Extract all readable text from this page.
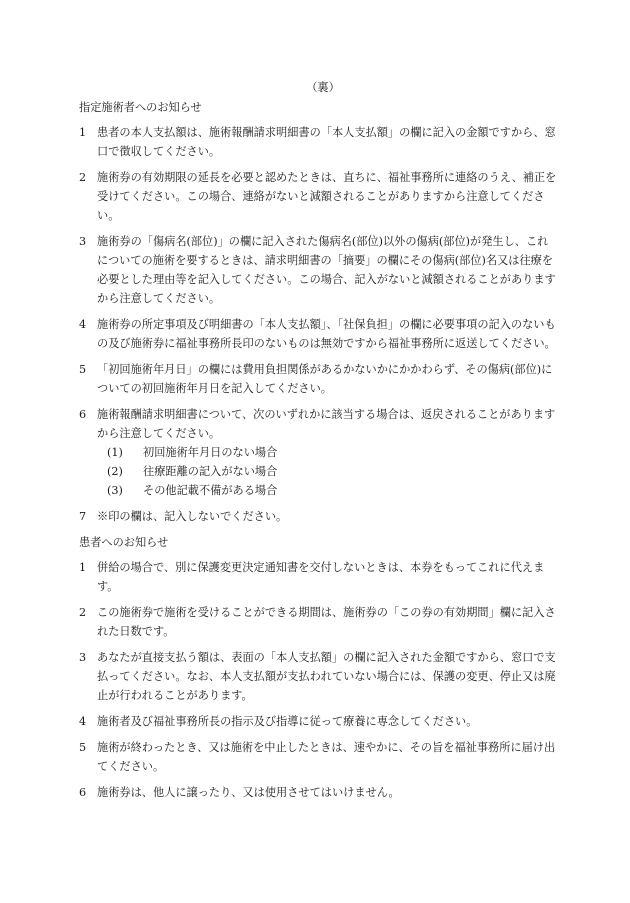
（裏）
指定施術者へのお知らせ
1 患者の本人支払額は、施術報酬請求明細書の「本人支払額」の欄に記入の金額ですから、窓口で徴収してください。
2 施術券の有効期限の延長を必要と認めたときは、直ちに、福祉事務所に連絡のうえ、補正を受けてください。この場合、連絡がないと減額されることがありますから注意してください。
3 施術券の「傷病名(部位)」の欄に記入された傷病名(部位)以外の傷病(部位)が発生し、これについての施術を要するときは、請求明細書の「摘要」の欄にその傷病(部位)名又は往療を必要とした理由等を記入してください。この場合、記入がないと減額されることがありますから注意してください。
4 施術券の所定事項及び明細書の「本人支払額」、「社保負担」の欄に必要事項の記入のないもの及び施術券に福祉事務所長印のないものは無効ですから福祉事務所に返送してください。
5 「初回施術年月日」の欄には費用負担関係があるかないかにかかわらず、その傷病(部位)についての初回施術年月日を記入してください。
6 施術報酬請求明細書について、次のいずれかに該当する場合は、返戻されることがありますから注意してください。
(1)	初回施術年月日のない場合
(2)	往療距離の記入がない場合
(3)	その他記載不備がある場合
7 ※印の欄は、記入しないでください。
患者へのお知らせ
1 併給の場合で、別に保護変更決定通知書を交付しないときは、本券をもってこれに代えます。
2 この施術券で施術を受けることができる期間は、施術券の「この券の有効期間」欄に記入された日数です。
3 あなたが直接支払う額は、表面の「本人支払額」の欄に記入された金額ですから、窓口で支払ってください。なお、本人支払額が支払われていない場合には、保護の変更、停止又は廃止が行われることがあります。
4 施術者及び福祉事務所長の指示及び指導に従って療養に専念してください。
5 施術が終わったとき、又は施術を中止したときは、速やかに、その旨を福祉事務所に届け出てください。
6 施術券は、他人に譲ったり、又は使用させてはいけません。
